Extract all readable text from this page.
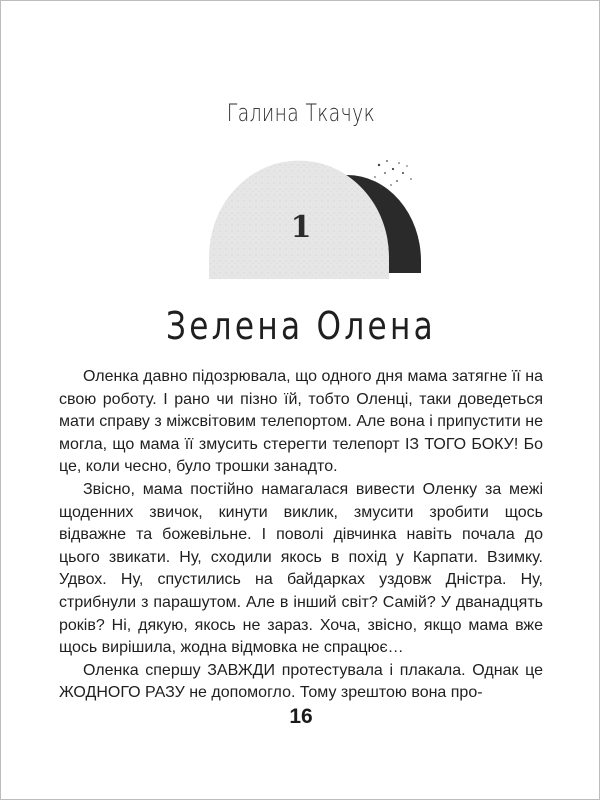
Галина Ткачук
1
Зелена Олена

Оленка давно підозрювала, що одного дня мама затягне її на свою роботу. І рано чи пізно їй, тобто Оленці, таки доведеться мати справу з міжсвітовим телепортом. Але вона і припустити не могла, що мама її змусить стерегти телепорт ІЗ ТОГО БОКУ! Бо це, коли чесно, було трошки занадто.

Звісно, мама постійно намагалася вивести Оленку за межі щоденних звичок, кинути виклик, змусити зробити щось відважне та божевільне. І поволі дівчинка навіть почала до цього звикати. Ну, сходили якось в похід у Карпати. Взимку. Удвох. Ну, спустились на байдарках уздовж Дністра. Ну, стрибнули з парашутом. Але в інший світ? Самій? У дванадцять років? Ні, дякую, якось не зараз. Хоча, звісно, якщо мама вже щось вирішила, жодна відмовка не спрацює…

Оленка спершу ЗАВЖДИ протестувала і плакала. Однак це ЖОДНОГО РАЗУ не допомогло. Тому зрештою вона про-

16
